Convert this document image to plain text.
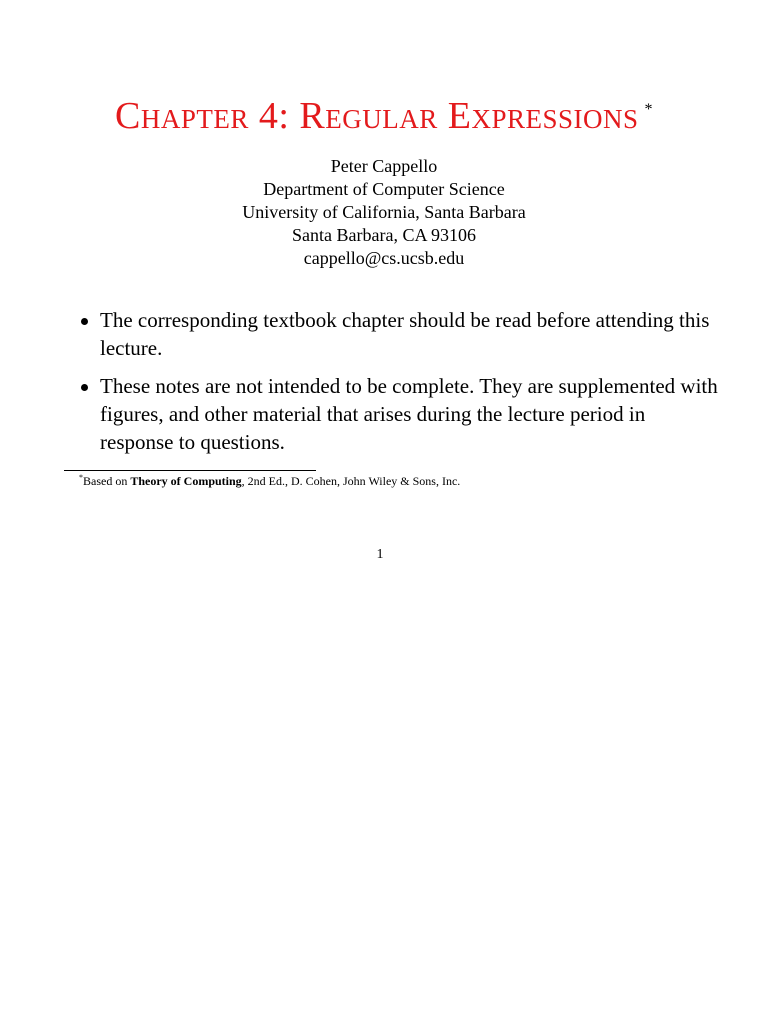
Chapter 4: Regular Expressions *
Peter Cappello
Department of Computer Science
University of California, Santa Barbara
Santa Barbara, CA 93106
cappello@cs.ucsb.edu
The corresponding textbook chapter should be read before attending this lecture.
These notes are not intended to be complete. They are supplemented with figures, and other material that arises during the lecture period in response to questions.
*Based on Theory of Computing, 2nd Ed., D. Cohen, John Wiley & Sons, Inc.
1
